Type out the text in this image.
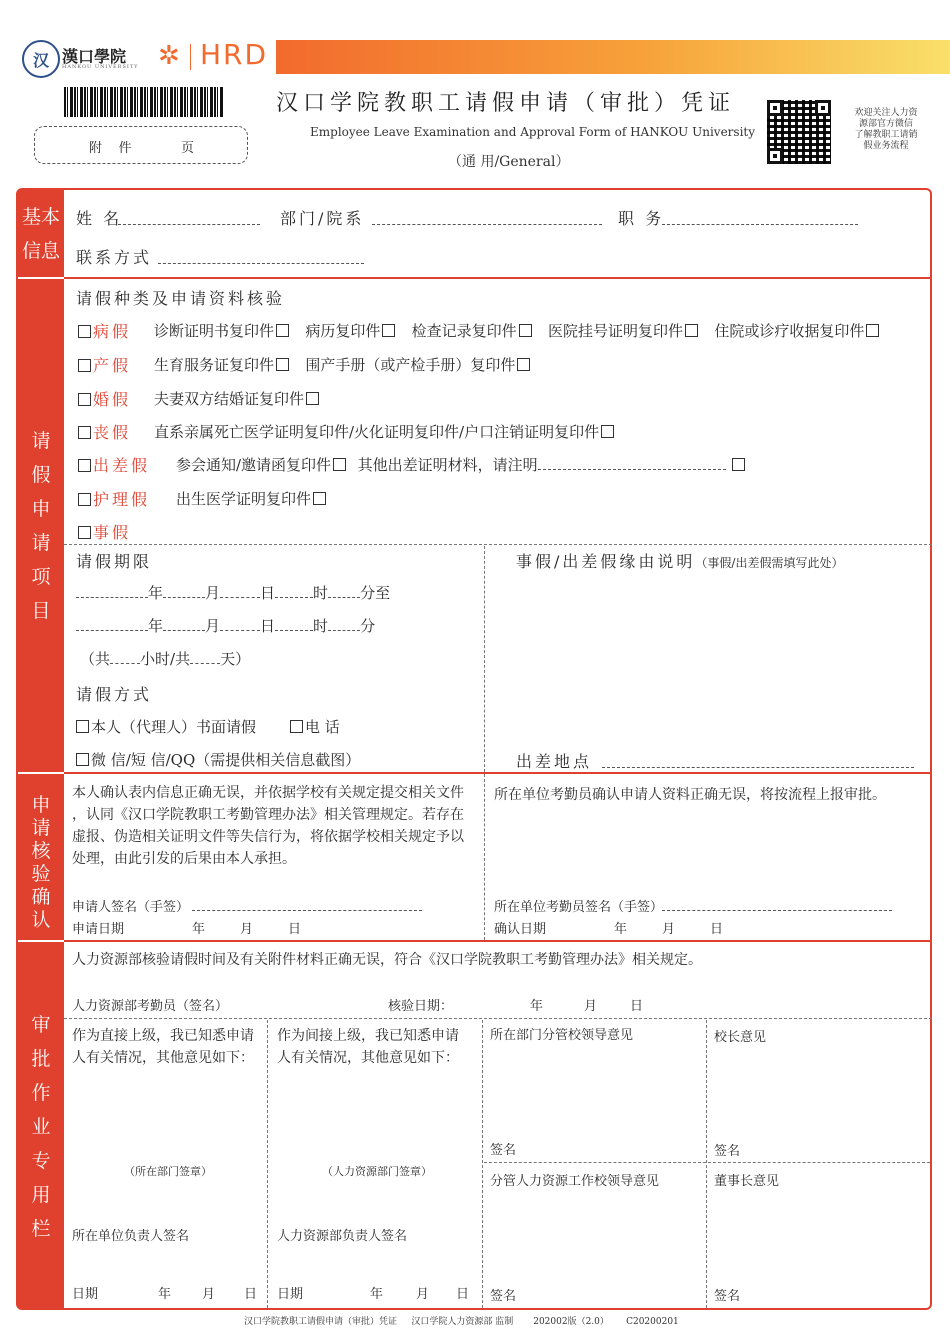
汉 漢口學院
HANKOU UNIVERSITY ✲ HRD
附    件	页
汉口学院教职工请假申请（审批）凭证
Employee Leave Examination and Approval Form of HANKOU University
（通 用/General）
欢迎关注人力资
源部官方微信
了解教职工请销
假业务流程
基本
信息
请
假
申
请
项
目
申
请
核
验
确
认
审
批
作
业
专
用
栏
姓 名	部门/院系	职 务
联系方式
请假种类及申请资料核验
病假 诊断证明书复印件 病历复印件 检查记录复印件 医院挂号证明复印件 住院或诊疗收据复印件
产假 生育服务证复印件 围产手册（或产检手册）复印件
婚假 夫妻双方结婚证复印件
丧假 直系亲属死亡医学证明复印件/火化证明复印件/户口注销证明复印件
出差假 参会通知/邀请函复印件 其他出差证明材料，请注明
护理假 出生医学证明复印件
事假
请假期限
年	月	日	时 分至
年	月	日	时 分
（共 小时/共 天）
请假方式
本人（代理人）书面请假	电 话
微 信/短 信/QQ（需提供相关信息截图）
事假/出差假缘由说明（事假/出差假需填写此处）
出差地点
本人确认表内信息正确无误，并依据学校有关规定提交相关文件
，认同《汉口学院教职工考勤管理办法》相关管理规定。若存在
虚报、伪造相关证明文件等失信行为，将依据学校相关规定予以
处理，由此引发的后果由本人承担。
申请人签名（手签）
申请日期	年	月	日
所在单位考勤员确认申请人资料正确无误，将按流程上报审批。
所在单位考勤员签名（手签）
确认日期	年	月	日
人力资源部核验请假时间及有关附件材料正确无误，符合《汉口学院教职工考勤管理办法》相关规定。
人力资源部考勤员（签名）	核验日期：	年	月	日
作为直接上级，我已知悉申请
人有关情况，其他意见如下：
（所在部门签章）
所在单位负责人签名
日期	年 月 日
作为间接上级，我已知悉申请
人有关情况，其他意见如下：
（人力资源部门签章）
人力资源部负责人签名
日期	年	月 日
所在部门分管校领导意见
签名
校长意见
签名
分管人力资源工作校领导意见
签名
董事长意见
签名
汉口学院教职工请假申请（审批）凭证 汉口学院人力资源部 监制 202002版（2.0） C20200201
